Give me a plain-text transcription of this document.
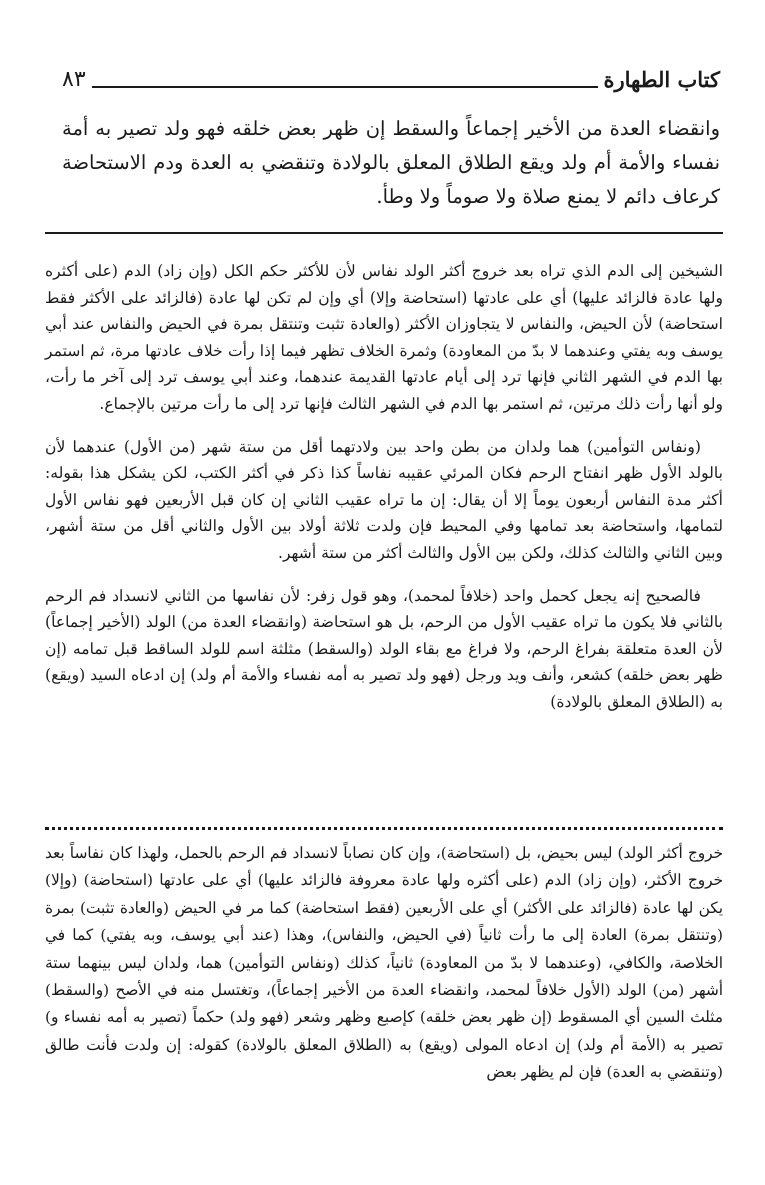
كتاب الطهارة
٨٣
وانقضاء العدة من الأخير إجماعاً والسقط إن ظهر بعض خلقه فهو ولد تصير به أمة نفساء والأمة أم ولد ويقع الطلاق المعلق بالولادة وتنقضي به العدة ودم الاستحاضة كرعاف دائم لا يمنع صلاة ولا صوماً ولا وطأ.

الشيخين إلى الدم الذي تراه بعد خروج أكثر الولد نفاس لأن للأكثر حكم الكل (وإن زاد) الدم (على أكثره ولها عادة فالزائد عليها) أي على عادتها (استحاضة وإلا) أي وإن لم تكن لها عادة (فالزائد على الأكثر فقط استحاضة) لأن الحيض، والنفاس لا يتجاوزان الأكثر (والعادة تثبت وتنتقل بمرة في الحيض والنفاس عند أبي يوسف وبه يفتي وعندهما لا بدّ من المعاودة) وثمرة الخلاف تظهر فيما إذا رأت خلاف عادتها مرة، ثم استمر بها الدم في الشهر الثاني فإنها ترد إلى أيام عادتها القديمة عندهما، وعند أبي يوسف ترد إلى آخر ما رأت، ولو أنها رأت ذلك مرتين، ثم استمر بها الدم في الشهر الثالث فإنها ترد إلى ما رأت مرتين بالإجماع.

(ونفاس التوأمين) هما ولدان من بطن واحد بين ولادتهما أقل من ستة شهر (من الأول) عندهما لأن بالولد الأول ظهر انفتاح الرحم فكان المرئي عقيبه نفاساً كذا ذكر في أكثر الكتب، لكن يشكل هذا بقوله: أكثر مدة النفاس أربعون يوماً إلا أن يقال: إن ما تراه عقيب الثاني إن كان قبل الأربعين فهو نفاس الأول لتمامها، واستحاضة بعد تمامها وفي المحيط فإن ولدت ثلاثة أولاد بين الأول والثاني أقل من ستة أشهر، وبين الثاني والثالث كذلك، ولكن بين الأول والثالث أكثر من ستة أشهر.

فالصحيح إنه يجعل كحمل واحد (خلافاً لمحمد)، وهو قول زفر: لأن نفاسها من الثاني لانسداد فم الرحم بالثاني فلا يكون ما تراه عقيب الأول من الرحم، بل هو استحاضة (وانقضاء العدة من) الولد (الأخير إجماعاً) لأن العدة متعلقة بفراغ الرحم، ولا فراغ مع بقاء الولد (والسقط) مثلثة اسم للولد الساقط قبل تمامه (إن ظهر بعض خلقه) كشعر، وأنف ويد ورجل (فهو ولد تصير به أمه نفساء والأمة أم ولد) إن ادعاه السيد (ويقع) به (الطلاق المعلق بالولادة)

خروج أكثر الولد) ليس بحيض، بل (استحاضة)، وإن كان نصاباً لانسداد فم الرحم بالحمل، ولهذا كان نفاساً بعد خروج الأكثر، (وإن زاد) الدم (على أكثره ولها عادة معروفة فالزائد عليها) أي على عادتها (استحاضة) (وإلا) يكن لها عادة (فالزائد على الأكثر) أي على الأربعين (فقط استحاضة) كما مر في الحيض (والعادة تثبت) بمرة (وتنتقل بمرة) العادة إلى ما رأت ثانياً (في الحيض، والنفاس)، وهذا (عند أبي يوسف، وبه يفتي) كما في الخلاصة، والكافي، (وعندهما لا بدّ من المعاودة) ثانياً، كذلك (ونفاس التوأمين) هما، ولدان ليس بينهما ستة أشهر (من) الولد (الأول خلافاً لمحمد، وانقضاء العدة من الأخير إجماعاً)، وتغتسل منه في الأصح (والسقط) مثلث السين أي المسقوط (إن ظهر بعض خلقه) كإصبع وظهر وشعر (فهو ولد) حكماً (تصير به أمه نفساء و) تصير به (الأمة أم ولد) إن ادعاه المولى (ويقع) به (الطلاق المعلق بالولادة) كقوله: إن ولدت فأنت طالق (وتنقضي به العدة) فإن لم يظهر بعض
